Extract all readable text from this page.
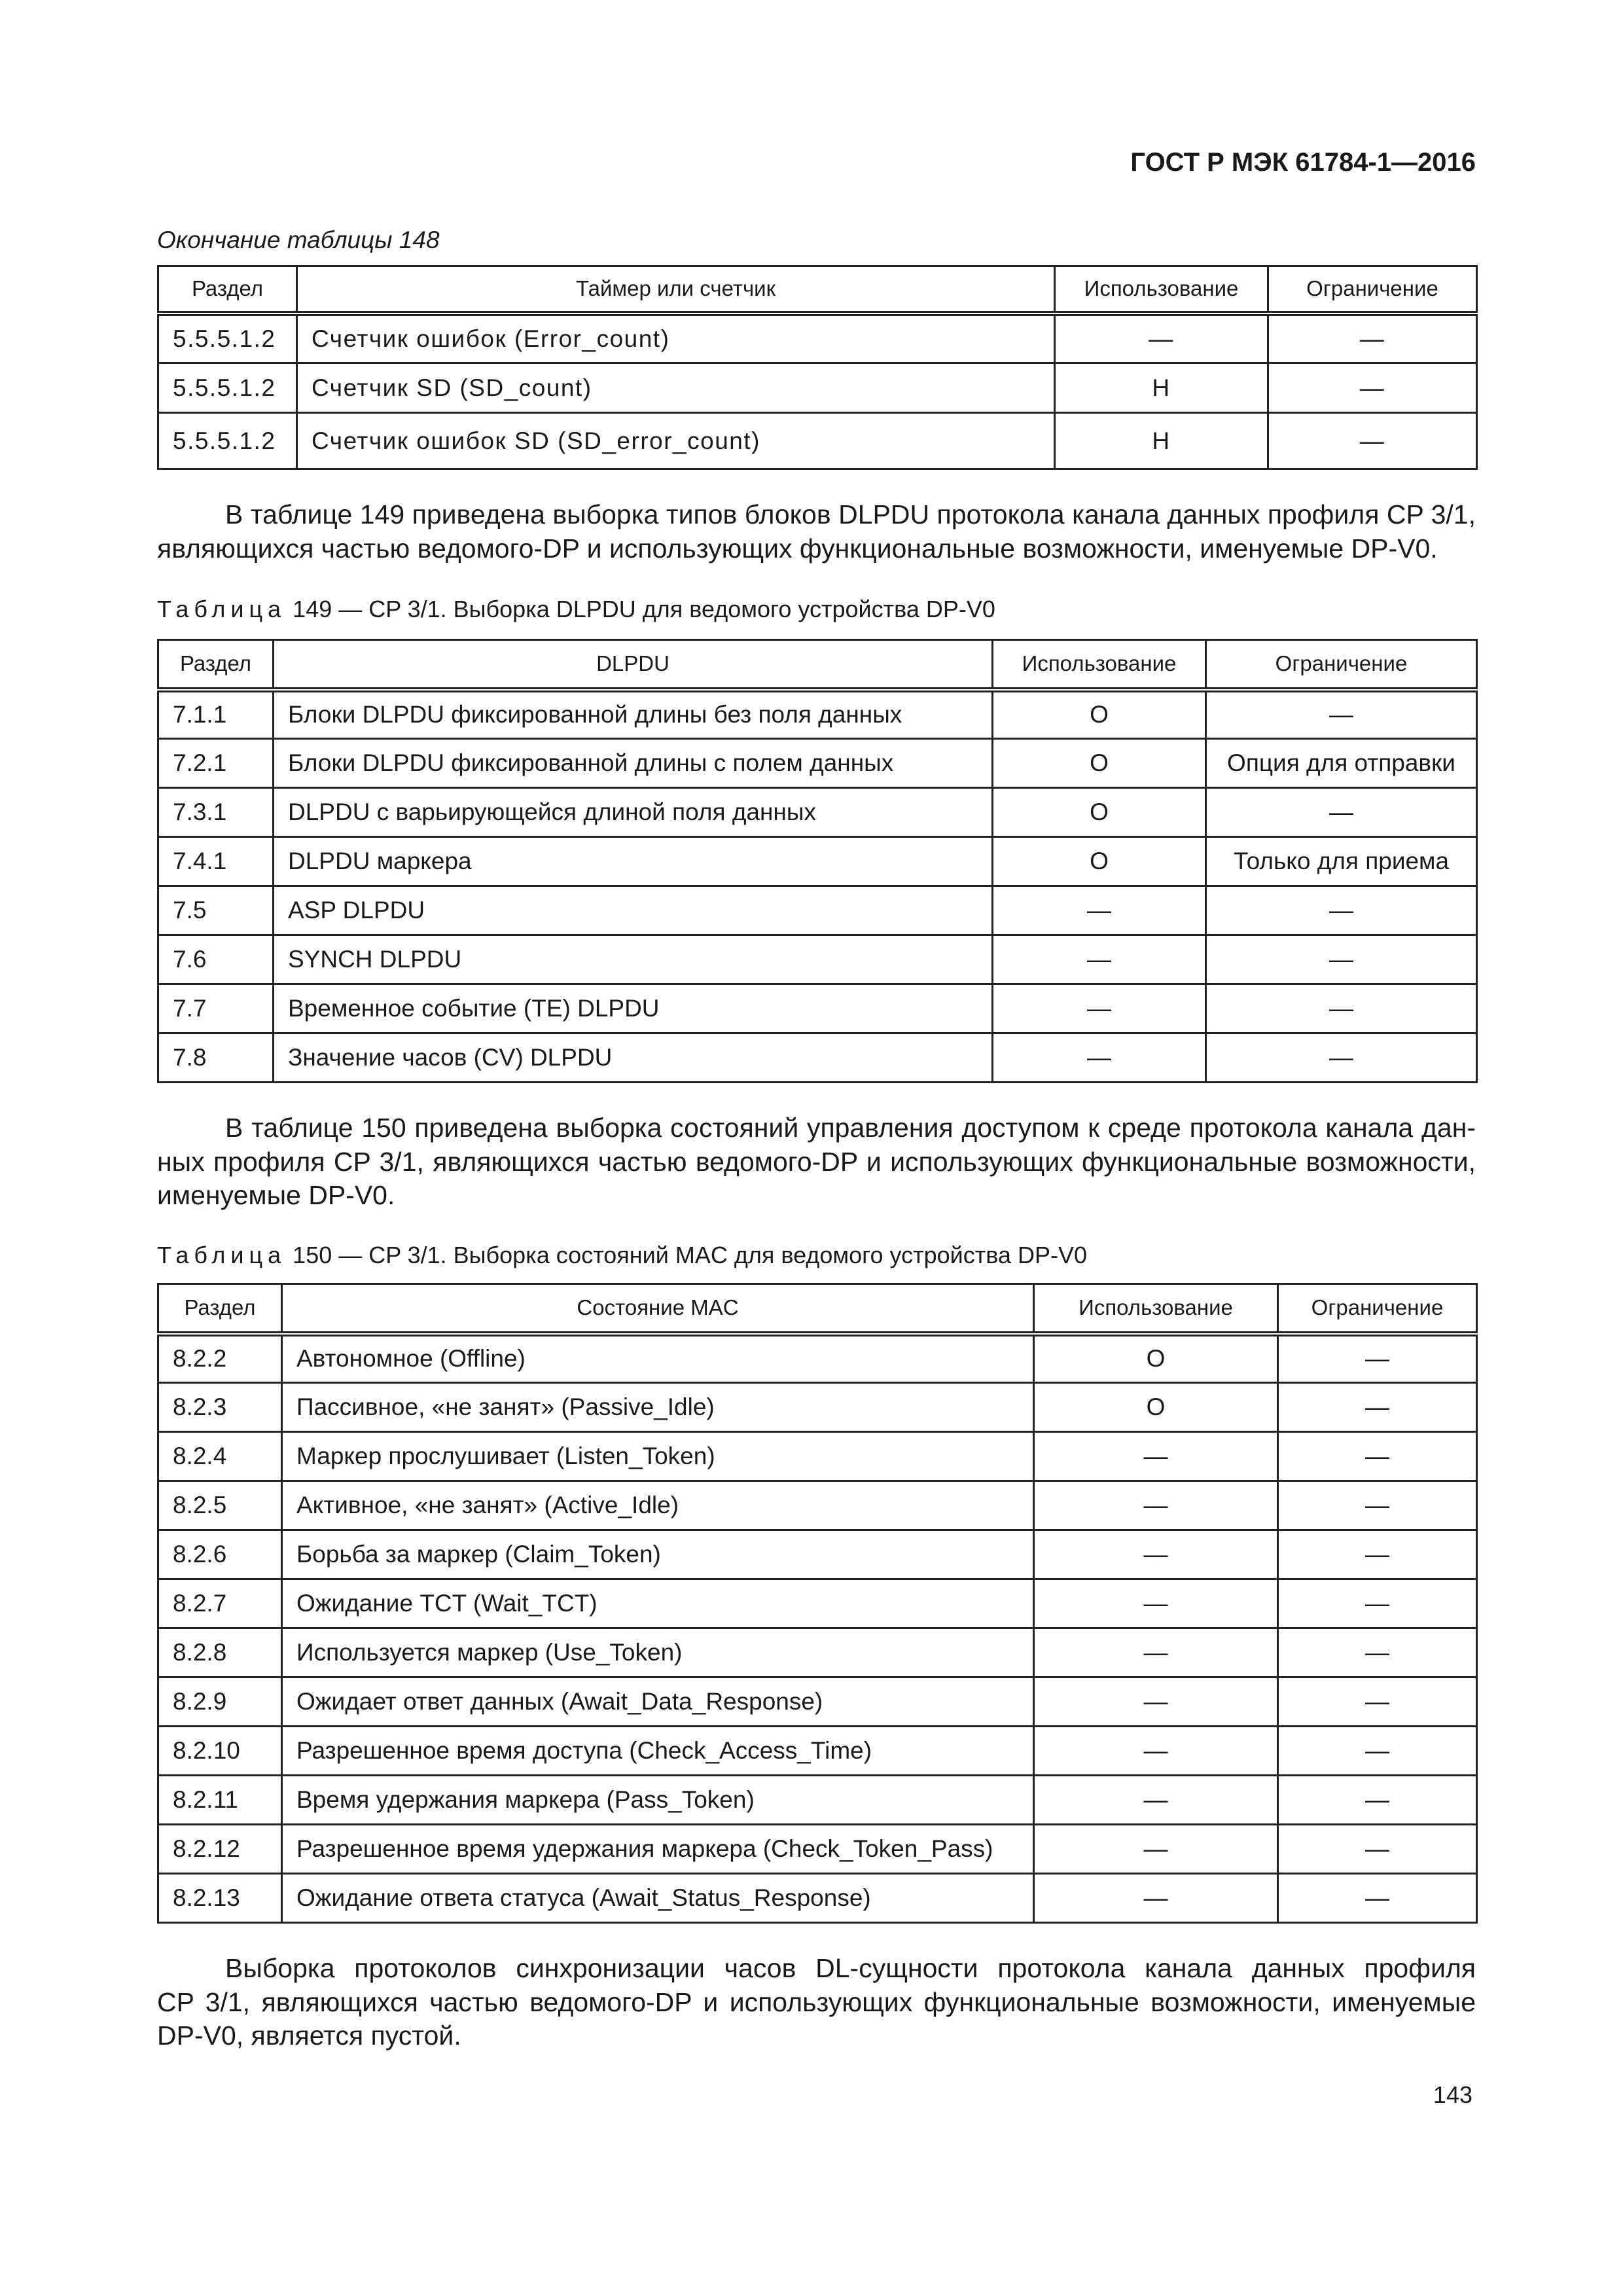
ГОСТ Р МЭК 61784-1—2016
Окончание таблицы 148
Раздел	Таймер или счетчик	Использование	Ограничение
5.5.5.1.2	Счетчик ошибок (Error_count)	—	—
5.5.5.1.2	Счетчик SD (SD_count)	Н	—
5.5.5.1.2	Счетчик ошибок SD (SD_error_count)	Н	—
В таблице 149 приведена выборка типов блоков DLPDU протокола канала данных профиля CP 3/1,
являющихся частью ведомого-DP и использующих функциональные возможности, именуемые DP-V0.
Таблица 149 — CP 3/1. Выборка DLPDU для ведомого устройства DP-V0
Раздел	DLPDU	Использование	Ограничение
7.1.1	Блоки DLPDU фиксированной длины без поля данных	О	—
7.2.1	Блоки DLPDU фиксированной длины с полем данных	О	Опция для отправки
7.3.1	DLPDU с варьирующейся длиной поля данных	О	—
7.4.1	DLPDU маркера	О	Только для приема
7.5	ASP DLPDU	—	—
7.6	SYNCH DLPDU	—	—
7.7	Временное событие (TE) DLPDU	—	—
7.8	Значение часов (CV) DLPDU	—	—
В таблице 150 приведена выборка состояний управления доступом к среде протокола канала дан-
ных профиля CP 3/1, являющихся частью ведомого-DP и использующих функциональные возможности,
именуемые DP-V0.
Таблица 150 — CP 3/1. Выборка состояний MAC для ведомого устройства DP-V0
Раздел	Состояние MAC	Использование	Ограничение
8.2.2	Автономное (Offline)	О	—
8.2.3	Пассивное, «не занят» (Passive_Idle)	О	—
8.2.4	Маркер прослушивает (Listen_Token)	—	—
8.2.5	Активное, «не занят» (Active_Idle)	—	—
8.2.6	Борьба за маркер (Claim_Token)	—	—
8.2.7	Ожидание TCT (Wait_TCT)	—	—
8.2.8	Используется маркер (Use_Token)	—	—
8.2.9	Ожидает ответ данных (Await_Data_Response)	—	—
8.2.10	Разрешенное время доступа (Check_Access_Time)	—	—
8.2.11	Время удержания маркера (Pass_Token)	—	—
8.2.12	Разрешенное время удержания маркера (Check_Token_Pass)	—	—
8.2.13	Ожидание ответа статуса (Await_Status_Response)	—	—
Выборка протоколов синхронизации часов DL-сущности протокола канала данных профиля
CP 3/1, являющихся частью ведомого-DP и использующих функциональные возможности, именуемые
DP-V0, является пустой.
143
